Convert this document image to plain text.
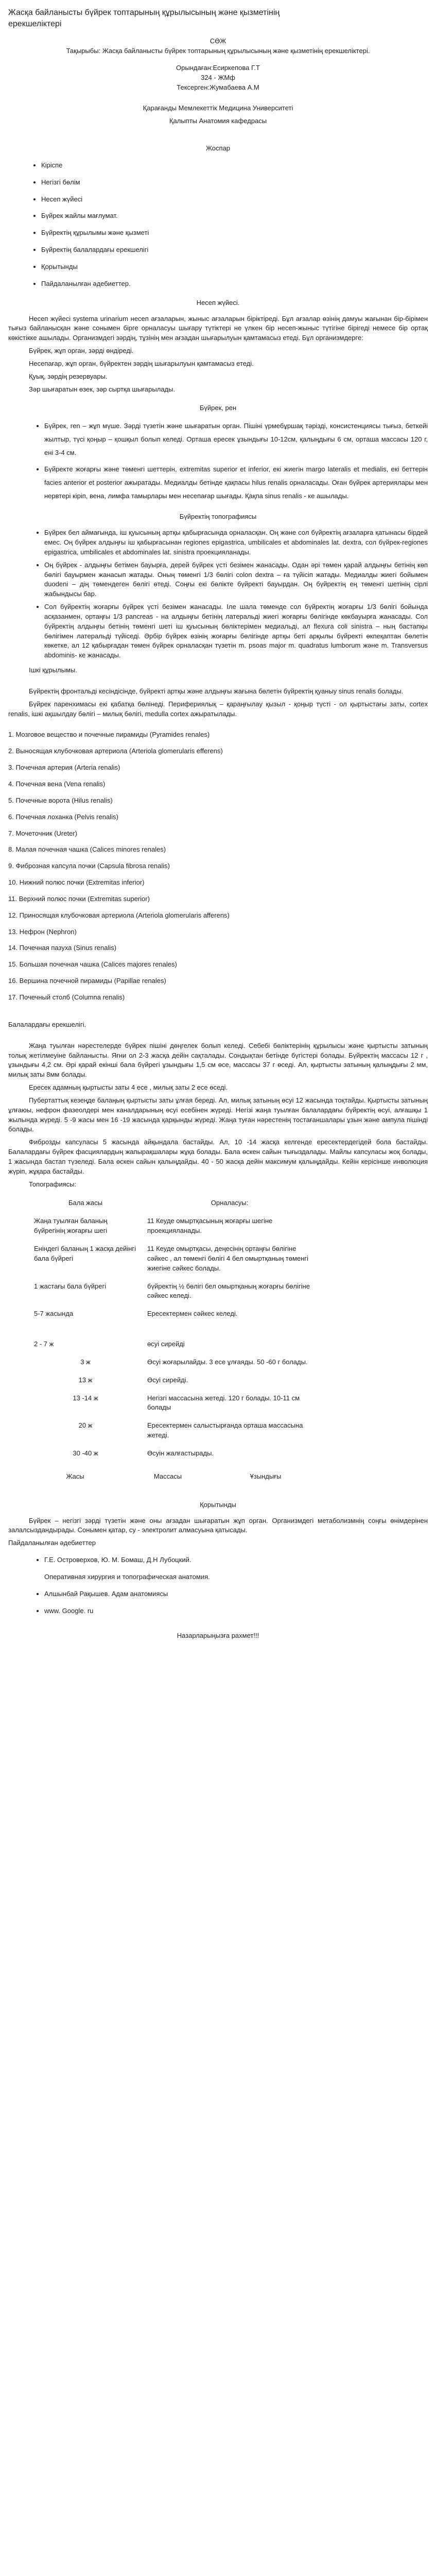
Жасқа байланысты бүйрек топтарының құрылысының және қызметінің ерекшеліктері

СӨЖ

Тақырыбы: Жасқа байланысты бүйрек топтарының құрылысының және қызметінің ерекшеліктері.

Орындаған:Есиркепова Г.Т

324 - ЖМф

Тексерген:Жумабаева А.М

Қарағанды Мемлекеттік Медицина Университеті

Қалыпты Анатомия кафедрасы

Жоспар
• Кіріспе
• Негізгі бөлім
• Несеп жүйесі
• Бүйрек жайлы мағлумат.
• Бүйректің құрылымы және қызметі
• Бүйректің балалардағы ерекшелігі
• Қорытынды
• Пайдаланылған әдебиеттер.
Несеп жүйесі.

Несеп жүйесі systema urinarium несеп ағзаларын, жыныс ағзаларын біріктіреді. Бұл ағзалар өзінің дамуы жағынан бір-бірімен тығыз байланысқан және сонымен бірге орналасуы шығару түтіктері не үлкен бір несеп-жыныс түтігіне бірігеді немесе бір ортақ көкістікке ашылады. Организмдегі зәрдің, тұзінің мен ағзадан шығарылуын қамтамасыз етеді. Бұл организмдерге:

Бүйрек, жұп орган, зәрді өндіреді.

Несепағар, жұп орган, бүйректен зәрдің шығарылуын қамтамасыз етеді.

Қуық, зәрдің резервуары.

Зәр шығаратын өзек, зәр сыртқа шығарылады.

Бүйрек, рен
• Бүйрек, ren – жұп мүше. Зәрді түзетін және шығаратын орган. Пішіні үрмебұршақ тәрізді, консистенциясы тығыз, беткейі жылтыр, түсі қоңыр – қошқыл болып келеді. Орташа ересек ұзындығы 10-12см, қалыңдығы 6 см, орташа массасы 120 г, ені 3-4 см.
• Бүйректе жоғарғы және төменгі шеттерін, extremitas superior et inferior, екі жиегін margo lateralis et medialis, екі беттерін facies anterior et posterior ажыратады. Медиалды бетінде қақпасы hilus renalis орналасады. Оған бүйрек артериялары мен нервтері кіріп, вена, лимфа тамырлары мен несепағар шығады. Қақпа sinus renalis - ке ашылады.
Бүйректің топографиясы
• Бүйрек бел аймағында, іш қуысының артқы қабырғасында орналасқан. Оң және сол бүйректің ағзаларға қатынасы бірдей емес. Оң бүйрек алдыңғы іш қабырғасынан regiones epigastrica, umbilicales et abdominales lat. dextra, сол бүйрек-regiones epigastrica, umbilicales et abdominales lat. sinistra проекцияланады.
• Оң бүйрек - алдыңғы бетімен бауырға, дерей бүйрек үсті безімен жанасады. Одан әрі төмен қарай алдыңғы бетінің көп бөлігі бауырмен жанасып жатады. Оның төменгі 1/3 бөлігі colon dextra – ға түйісіп жатады. Медиалды жиегі бойымен duodeni – дің төмендеген бөлігі өтеді. Соңғы екі бөлікте бүйректі бауырдан. Оң бүйректің ең төменгі шетінің сірлі жабындысы бар.
• Сол бүйректің жоғарғы бүйрек үсті безімен жанасады. Іле шала төменде сол бүйректің жоғарғы 1/3 бөлігі бойында асқазанмен, ортаңғы 1/3 pancreas - на алдыңғы бетінің латеральді жиегі жоғарғы бөлігінде көкбауырға жанасады. Сол бүйректің алдыңғы бетінің төменгі шеті іш қуысының бөліктерімен медиальді, ал flexura coli sinistra – ның бастапқы бөлігімен латеральді түйіседі. Әрбір бүйрек өзінің жоғарғы бөлігінде артқы беті арқылы бүйректі өкпеқаптан бөлетін көкетке, ал 12 қабырғадан төмен бүйрек орналасқан түзетін m. psoas major m. quadratus lumborum және m. Transversus abdominis- ке жанасады.

Ішкі құрылымы.

Бүйректің фронтальді кесіндісінде, бүйректі артқы және алдыңғы жағына бөлетін бүйректің қуаныу sinus renalis болады.

Бүйрек паренхимасы екі қабатқа бөлінеді. Перифериялық – қараңғылау қызыл - қоңыр түсті - ол қыртыстағы заты, cortex renalis, ішкі ақшылдау бөлігі – милық бөлігі, medulla cortex ажыратылады.

1. Мозговое вещество и почечные пирамиды (Pyramides renales)
2. Выносящая клубочковая артериола (Arteriola glomerularis efferens)
3. Почечная артерия (Arteria renalis)
4. Почечная вена (Vena renalis)
5. Почечные ворота (Hilus renalis)
6. Почечная лоханка (Pelvis renalis)
7. Мочеточник (Ureter)
8. Малая почечная чашка (Calices minores renales)
9. Фиброзная капсула почки (Capsula fibrosa renalis)
10. Нижний полюс почки (Extremitas inferior)
11. Верхний полюс почки (Extremitas superior)
12. Приносящая клубочковая артериола (Arteriola glomerularis afferens)
13. Нефрон (Nephron)
14. Почечная пазуха (Sinus renalis)
15. Большая почечная чашка (Calices majores renales)
16. Вершина почечной пирамиды (Papillae renales)
17. Почечный столб (Columna renalis)

Балалардағы ерекшелігі.

Жаңа туылған нәрестелерде бүйрек пішіні дөңгелек болып келеді. Себебі бөліктерінің құрылысы және қыртысты затының толық жетілмеуіне байланысты. Яғни ол 2-3 жасқа дейін сақталады. Сондықтан бетінде бүгістері болады. Бүйректің массасы 12 г , ұзындығы 4,2 см. Әрі қарай екінші бала бүйрегі ұзындығы 1,5 см өсе, массасы 37 г өседі. Ал, қыртысты затының қалыңдығы 2 мм, милық заты 8мм болады.

Ересек адамның қыртысты заты 4 есе , милық заты 2 есе өседі.

Пубертаттық кезеңде балаңың қыртысты заты ұлғая береді. Ал, милық затының өсуі 12 жасында тоқтайды. Қыртысты затының ұлғаюы, нефрон фазеолдері мен каналдарының өсуі есебінен жүреді. Негізі жаңа туылған балалардағы бүйректің өсуі, алғашқы 1 жылында жүреді. 5 -9 жасы мен 16 -19 жасында қарқынды жүреді. Жаңа туған нәрестенің тостағаншалары ұзын және ампула пішінді болады.

Фиброзды капсуласы 5 жасында айқындала бастайды. Ал, 10 -14 жасқа келгенде ересектердегідей бола бастайды. Балалардағы бүйрек фасциялардың жапырақшалары жұқа болады. Бала өскен сайын тығыздалады. Майлы капсуласы жоқ болады, 1 жасында бастап түзеледі. Бала өскен сайын қалыңдайды. 40 - 50 жасқа дейін максимум қалыңдайды. Кейін керісінше инволюция жүріп, жұқара бастайды.

Топографиясы:

Бала жасы	Орналасуы:
Жаңа туылған баланың бүйрегінің жоғарғы шегі	11 Кеуде омыртқасының жоғарғы шегіне проекцияланады.
Еніндегі баланың 1 жасқа дейінгі бала бүйрегі	11 Кеуде омыртқасы, деңесінің ортаңғы бөлігіне сәйкес , ал төменгі бөлігі 4 бел омыртқаның төменгі жиегіне сәйкес болады.
1 жастағы бала бүйрегі	бүйректің ½ бөлігі бел омыртқаның жоғарғы бөлігіне сәйкес келеді.
5-7 жасында	Ересектермен сәйкес келеді.

2 - 7 ж	өсуі сирейді
3 ж	Өсуі жоғарылайды. 3 есе ұлғаяды. 50 -60 г болады.
13 ж	Өсуі сирейді.
13 -14 ж	Негізгі массасына жетеді. 120 г болады. 10-11 см болады
20 ж	Ересектермен салыстырғанда орташа массасына жетеді.
30 -40 ж	Өсуін жалғастырады.
Жасы	Массасы	Ұзындығы
Қорытынды

Бүйрек – негізгі зәрді түзетін және оны ағзадан шығаратын жұп орган. Организмдегі метаболизмнің соңғы өнімдерінен залалсыздандырады. Сонымен қатар, су - электролит алмасуына қатысады.

Пайдаланылған әдебиеттер

• Г.Е. Островерхов, Ю. М. Бомаш, Д.Н Лубоцкий.
Оперативная хирургия и топографическая анатомия.
• Алшынбай Рақышев. Адам анатомиясы
• www. Google. ru
Назарларыңызға рахмет!!!
